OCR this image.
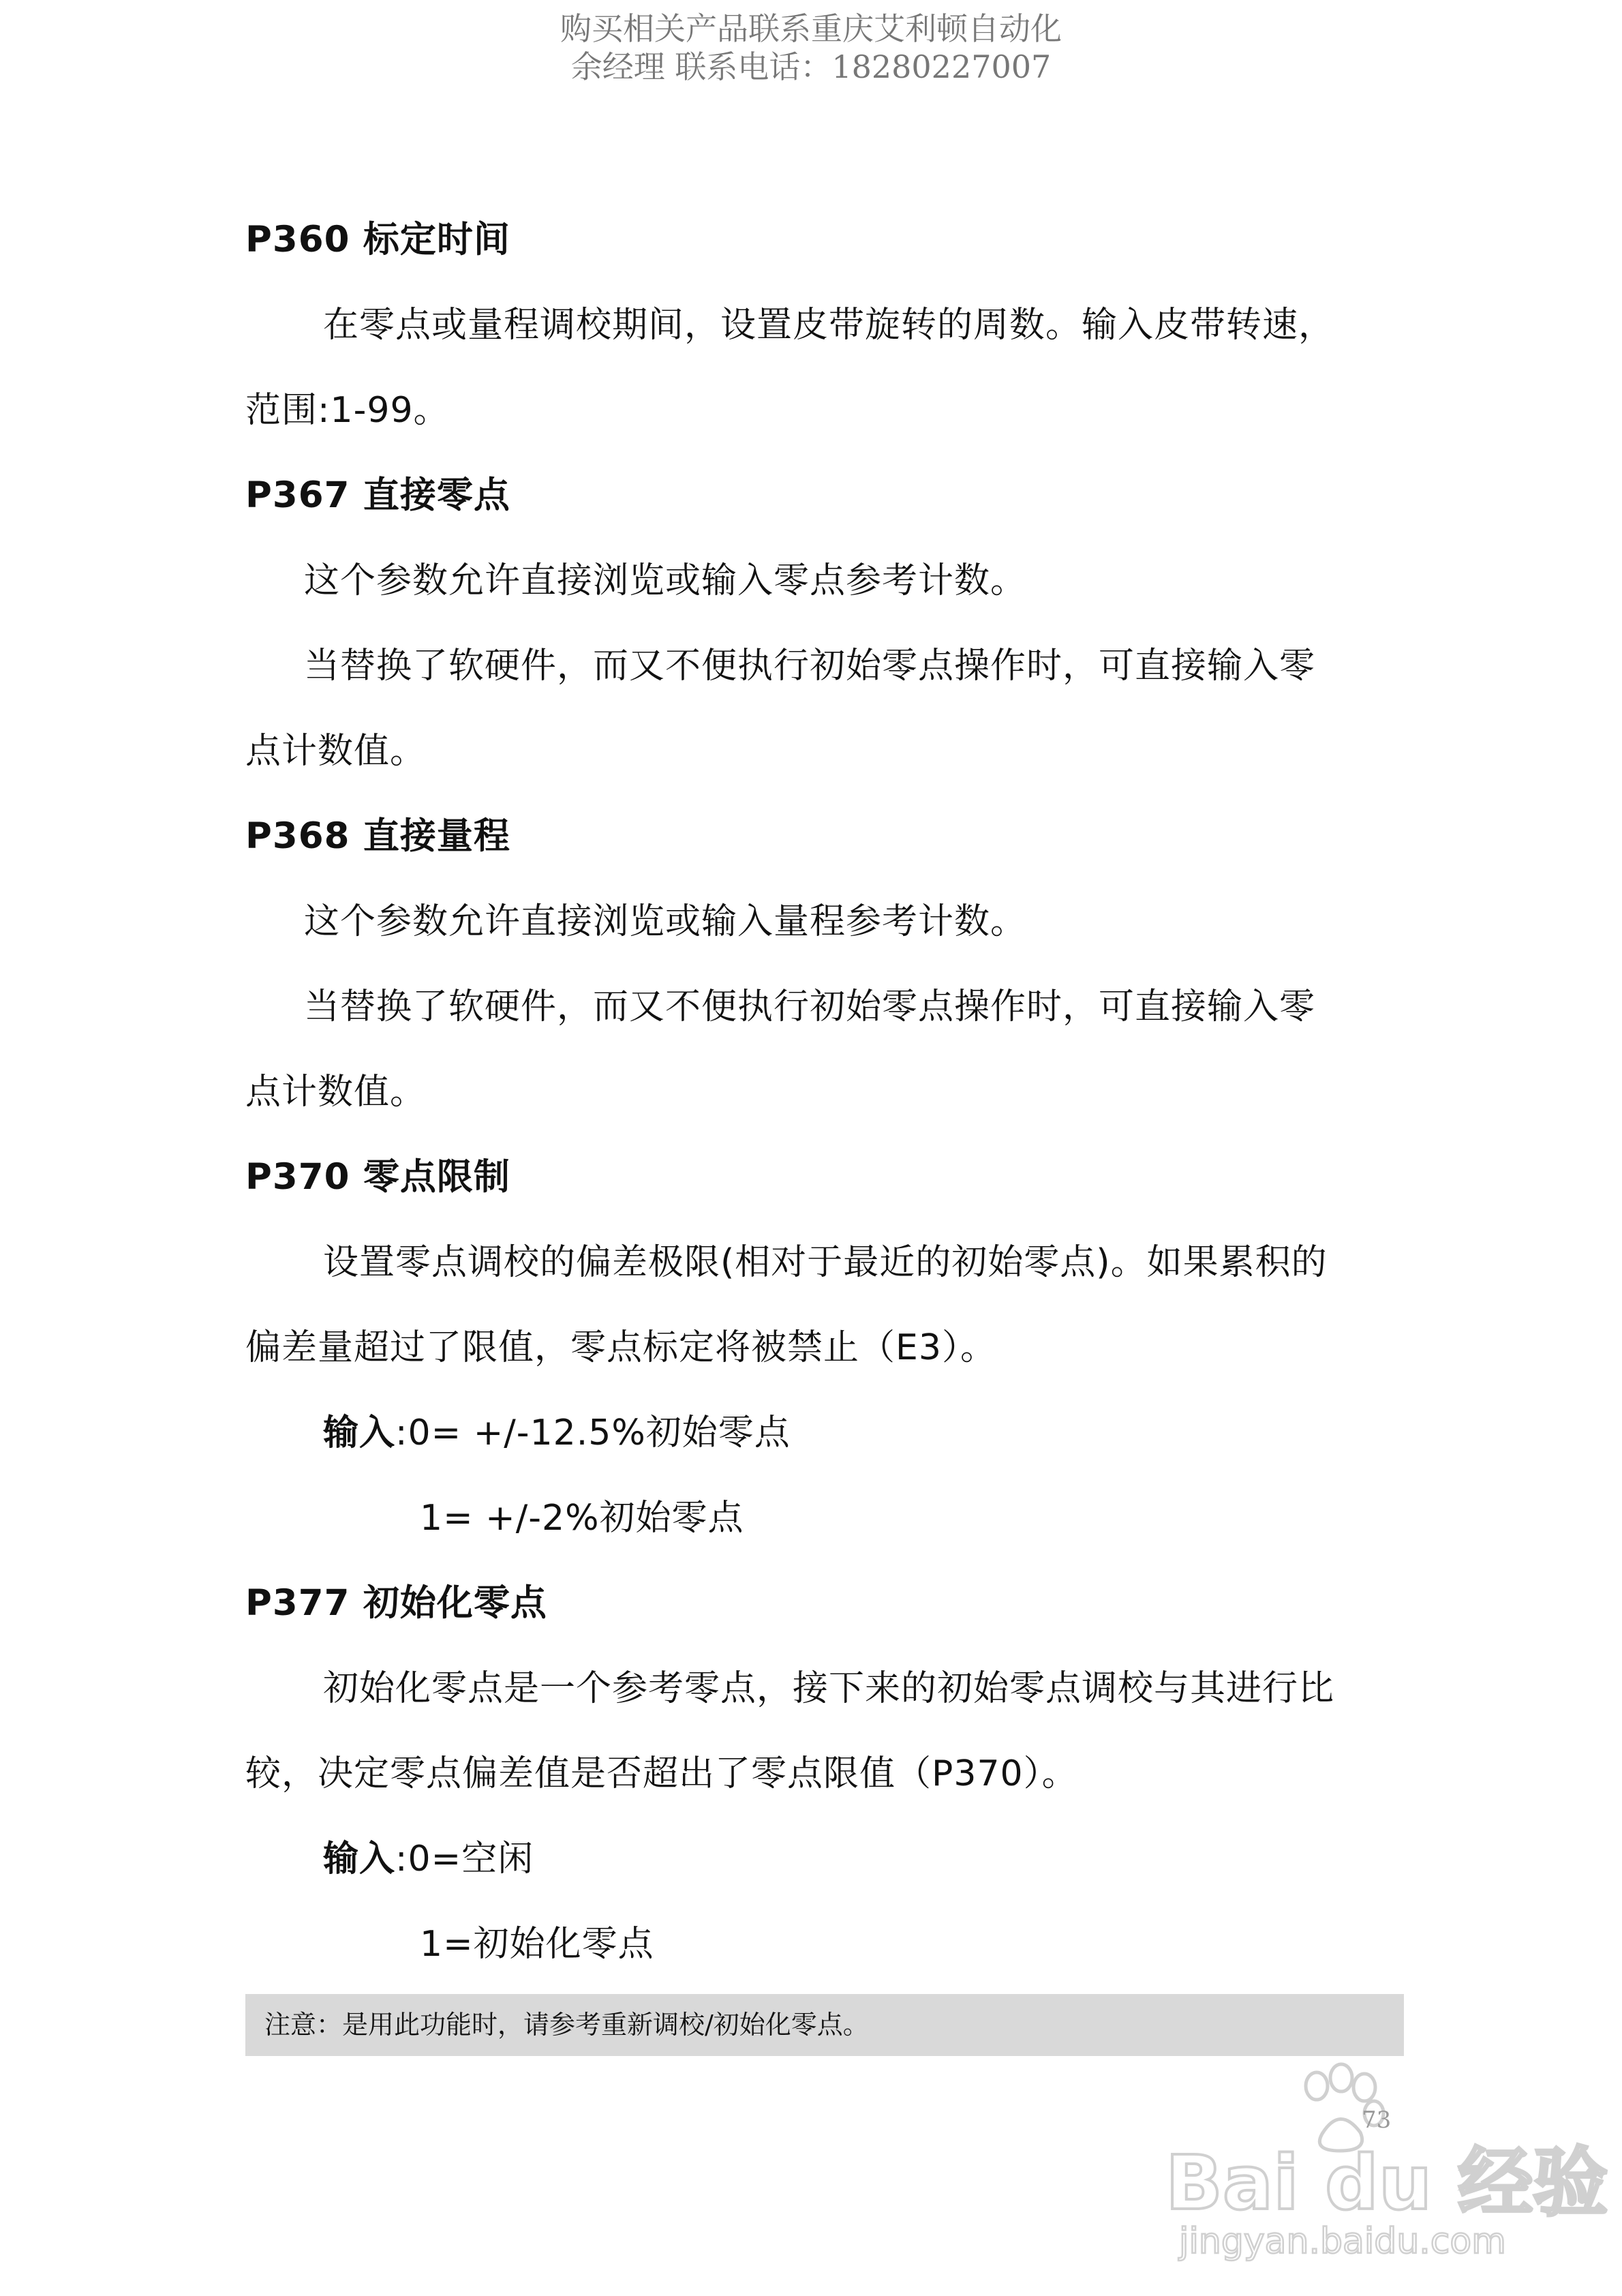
购买相关产品联系重庆艾利顿自动化
余经理 联系电话：18280227007
P360 标定时间
在零点或量程调校期间，设置皮带旋转的周数。输入皮带转速，
范围:1-99。
P367 直接零点
这个参数允许直接浏览或输入零点参考计数。
当替换了软硬件，而又不便执行初始零点操作时，可直接输入零
点计数值。
P368 直接量程
这个参数允许直接浏览或输入量程参考计数。
当替换了软硬件，而又不便执行初始零点操作时，可直接输入零
点计数值。
P370 零点限制
设置零点调校的偏差极限(相对于最近的初始零点)。如果累积的
偏差量超过了限值，零点标定将被禁止（E3）。
输入:0= +/-12.5%初始零点
1= +/-2%初始零点
P377 初始化零点
初始化零点是一个参考零点，接下来的初始零点调校与其进行比
较，决定零点偏差值是否超出了零点限值（P370）。
输入:0=空闲
1=初始化零点
注意：是用此功能时，请参考重新调校/初始化零点。
Bai du 经验
jingyan.baidu.com
73
